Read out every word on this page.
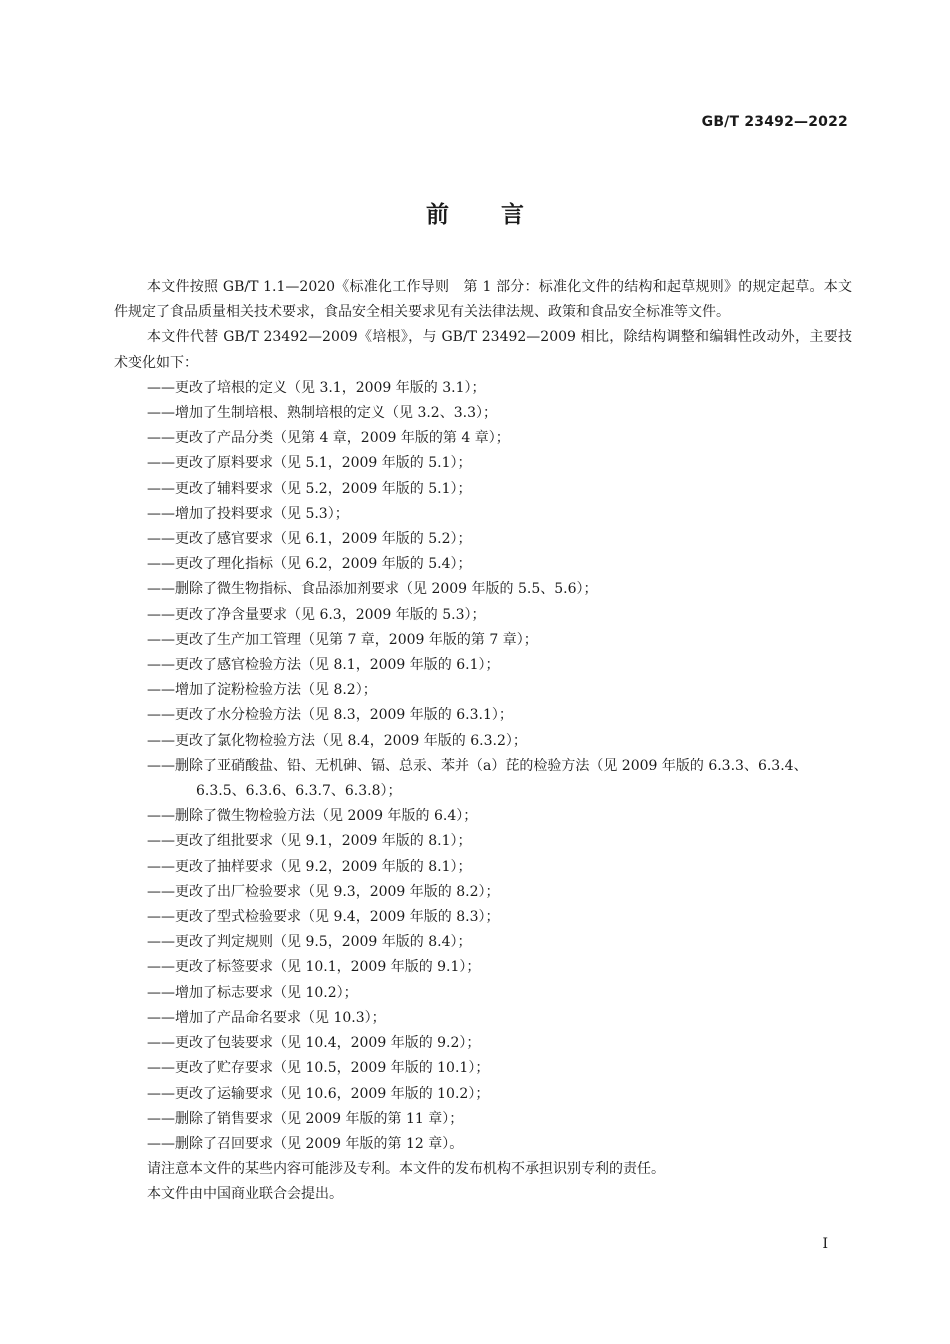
GB/T 23492—2022
前 言

本文件按照 GB/T 1.1—2020《标准化工作导则　第 1 部分：标准化文件的结构和起草规则》的规定起草。本文件规定了食品质量相关技术要求，食品安全相关要求见有关法律法规、政策和食品安全标准等文件。

本文件代替 GB/T 23492—2009《培根》，与 GB/T 23492—2009 相比，除结构调整和编辑性改动外，主要技术变化如下：

——更改了培根的定义（见 3.1，2009 年版的 3.1）；
——增加了生制培根、熟制培根的定义（见 3.2、3.3）；
——更改了产品分类（见第 4 章，2009 年版的第 4 章）；
——更改了原料要求（见 5.1，2009 年版的 5.1）；
——更改了辅料要求（见 5.2，2009 年版的 5.1）；
——增加了投料要求（见 5.3）；
——更改了感官要求（见 6.1，2009 年版的 5.2）；
——更改了理化指标（见 6.2，2009 年版的 5.4）；
——删除了微生物指标、食品添加剂要求（见 2009 年版的 5.5、5.6）；
——更改了净含量要求（见 6.3，2009 年版的 5.3）；
——更改了生产加工管理（见第 7 章，2009 年版的第 7 章）；
——更改了感官检验方法（见 8.1，2009 年版的 6.1）；
——增加了淀粉检验方法（见 8.2）；
——更改了水分检验方法（见 8.3，2009 年版的 6.3.1）；
——更改了氯化物检验方法（见 8.4，2009 年版的 6.3.2）；
——删除了亚硝酸盐、铅、无机砷、镉、总汞、苯并（a）芘的检验方法（见 2009 年版的 6.3.3、6.3.4、6.3.5、6.3.6、6.3.7、6.3.8）；
——删除了微生物检验方法（见 2009 年版的 6.4）；
——更改了组批要求（见 9.1，2009 年版的 8.1）；
——更改了抽样要求（见 9.2，2009 年版的 8.1）；
——更改了出厂检验要求（见 9.3，2009 年版的 8.2）；
——更改了型式检验要求（见 9.4，2009 年版的 8.3）；
——更改了判定规则（见 9.5，2009 年版的 8.4）；
——更改了标签要求（见 10.1，2009 年版的 9.1）；
——增加了标志要求（见 10.2）；
——增加了产品命名要求（见 10.3）；
——更改了包装要求（见 10.4，2009 年版的 9.2）；
——更改了贮存要求（见 10.5，2009 年版的 10.1）；
——更改了运输要求（见 10.6，2009 年版的 10.2）；
——删除了销售要求（见 2009 年版的第 11 章）；
——删除了召回要求（见 2009 年版的第 12 章）。

请注意本文件的某些内容可能涉及专利。本文件的发布机构不承担识别专利的责任。

本文件由中国商业联合会提出。

I
